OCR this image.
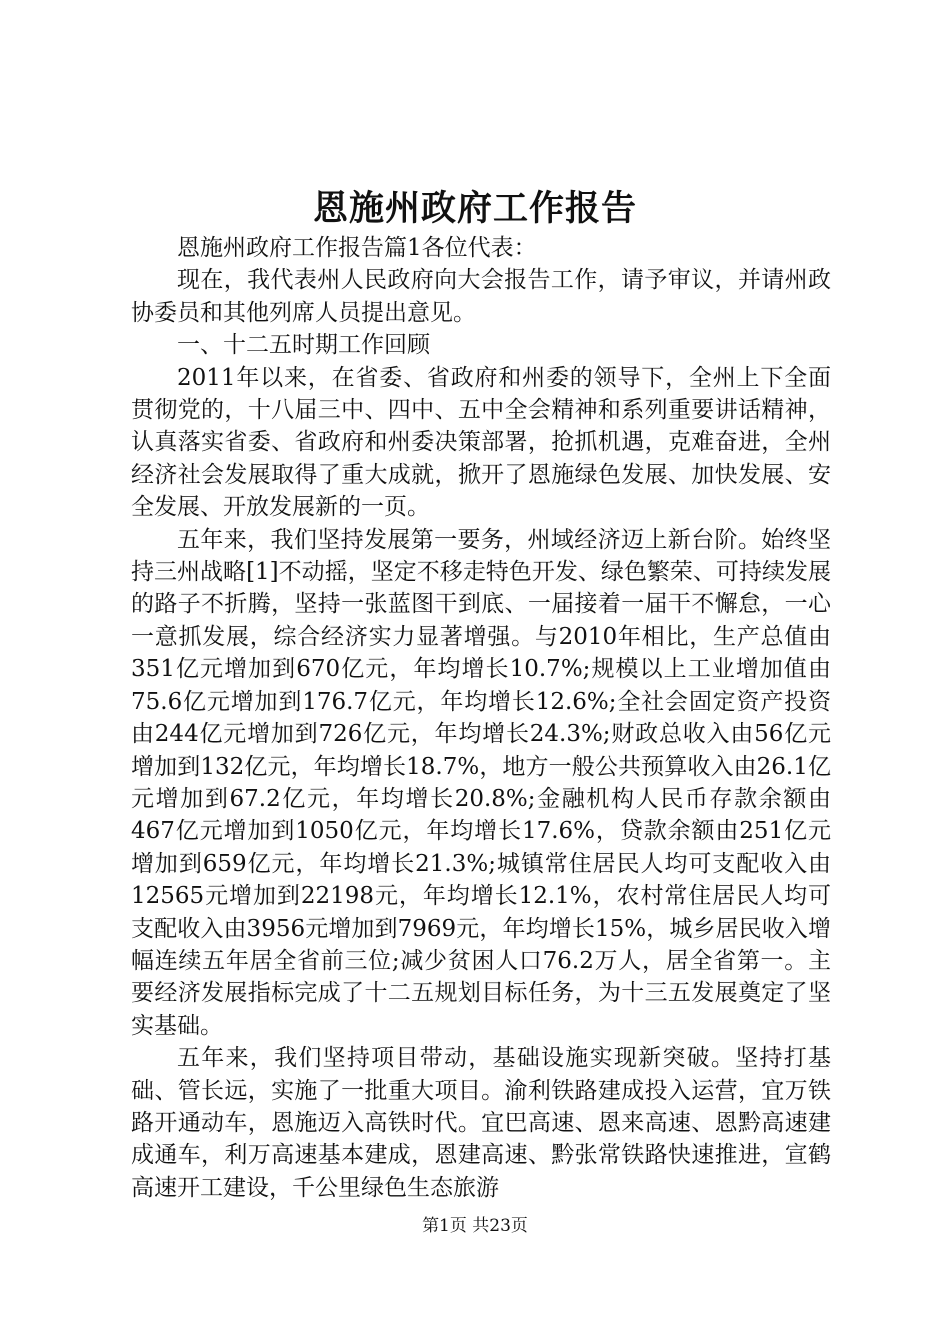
恩施州政府工作报告

恩施州政府工作报告篇1各位代表：

现在，我代表州人民政府向大会报告工作，请予审议，并请州政协委员和其他列席人员提出意见。

一、十二五时期工作回顾

2011年以来，在省委、省政府和州委的领导下，全州上下全面贯彻党的，十八届三中、四中、五中全会精神和系列重要讲话精神，认真落实省委、省政府和州委决策部署，抢抓机遇，克难奋进，全州经济社会发展取得了重大成就，掀开了恩施绿色发展、加快发展、安全发展、开放发展新的一页。

五年来，我们坚持发展第一要务，州域经济迈上新台阶。始终坚持三州战略[1]不动摇，坚定不移走特色开发、绿色繁荣、可持续发展的路子不折腾，坚持一张蓝图干到底、一届接着一届干不懈怠，一心一意抓发展，综合经济实力显著增强。与2010年相比，生产总值由351亿元增加到670亿元，年均增长10.7%;规模以上工业增加值由75.6亿元增加到176.7亿元，年均增长12.6%;全社会固定资产投资由244亿元增加到726亿元，年均增长24.3%;财政总收入由56亿元增加到132亿元，年均增长18.7%，地方一般公共预算收入由26.1亿元增加到67.2亿元，年均增长20.8%;金融机构人民币存款余额由467亿元增加到1050亿元，年均增长17.6%，贷款余额由251亿元增加到659亿元，年均增长21.3%;城镇常住居民人均可支配收入由12565元增加到22198元，年均增长12.1%，农村常住居民人均可支配收入由3956元增加到7969元，年均增长15%，城乡居民收入增幅连续五年居全省前三位;减少贫困人口76.2万人，居全省第一。主要经济发展指标完成了十二五规划目标任务，为十三五发展奠定了坚实基础。

五年来，我们坚持项目带动，基础设施实现新突破。坚持打基础、管长远，实施了一批重大项目。渝利铁路建成投入运营，宜万铁路开通动车，恩施迈入高铁时代。宜巴高速、恩来高速、恩黔高速建成通车，利万高速基本建成，恩建高速、黔张常铁路快速推进，宣鹤高速开工建设，千公里绿色生态旅游

第1页 共23页
